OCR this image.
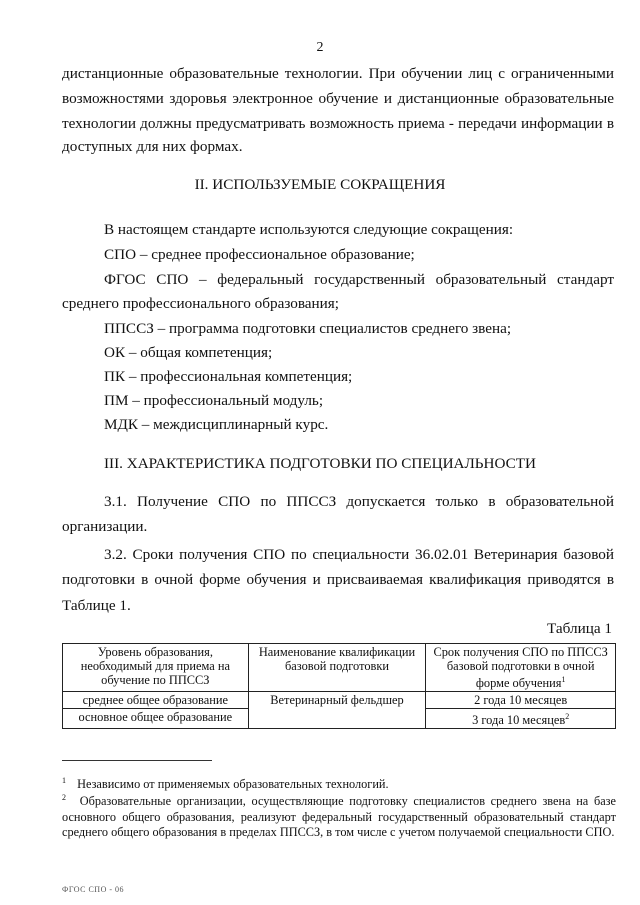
2
дистанционные образовательные технологии. При обучении лиц с ограниченными
возможностями здоровья электронное обучение и дистанционные образовательные
технологии должны предусматривать возможность приема - передачи информации в
доступных для них формах.
II. ИСПОЛЬЗУЕМЫЕ СОКРАЩЕНИЯ
В настоящем стандарте используются следующие сокращения:
СПО – среднее профессиональное образование;
ФГОС СПО – федеральный государственный образовательный стандарт
среднего профессионального образования;
ППССЗ – программа подготовки специалистов среднего звена;
ОК – общая компетенция;
ПК – профессиональная компетенция;
ПМ – профессиональный модуль;
МДК – междисциплинарный курс.
III. ХАРАКТЕРИСТИКА ПОДГОТОВКИ ПО СПЕЦИАЛЬНОСТИ
3.1. Получение СПО по ППССЗ допускается только в образовательной
организации.
3.2. Сроки получения СПО по специальности 36.02.01 Ветеринария базовой
подготовки в очной форме обучения и присваиваемая квалификация приводятся в
Таблице 1.
Таблица 1
Уровень образования, необходимый для приема на обучение по ППССЗ	Наименование квалификации базовой подготовки	Срок получения СПО по ППССЗ базовой подготовки в очной форме обучения$^1$
среднее общее образование	Ветеринарный фельдшер	2 года 10 месяцев
основное общее образование		3 года 10 месяцев$^2$
$^1$ Независимо от применяемых образовательных технологий.
$^2$ Образовательные организации, осуществляющие подготовку специалистов среднего звена на базе основного общего образования, реализуют федеральный государственный образовательный стандарт среднего общего образования в пределах ППССЗ, в том числе с учетом получаемой специальности СПО.
ФГОС СПО - 06
